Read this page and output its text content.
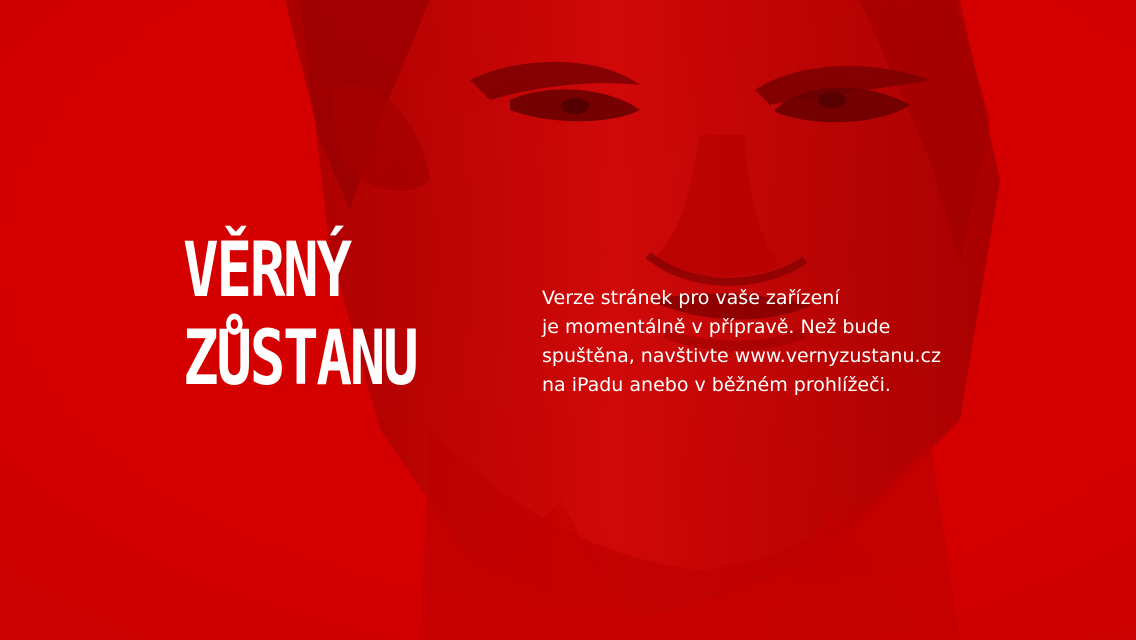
VĚRNÝ
ZŮSTANU

Verze stránek pro vaše zařízení
je momentálně v přípravě. Než bude
spuštěna, navštivte www.vernyzustanu.cz
na iPadu anebo v běžném prohlížeči.
